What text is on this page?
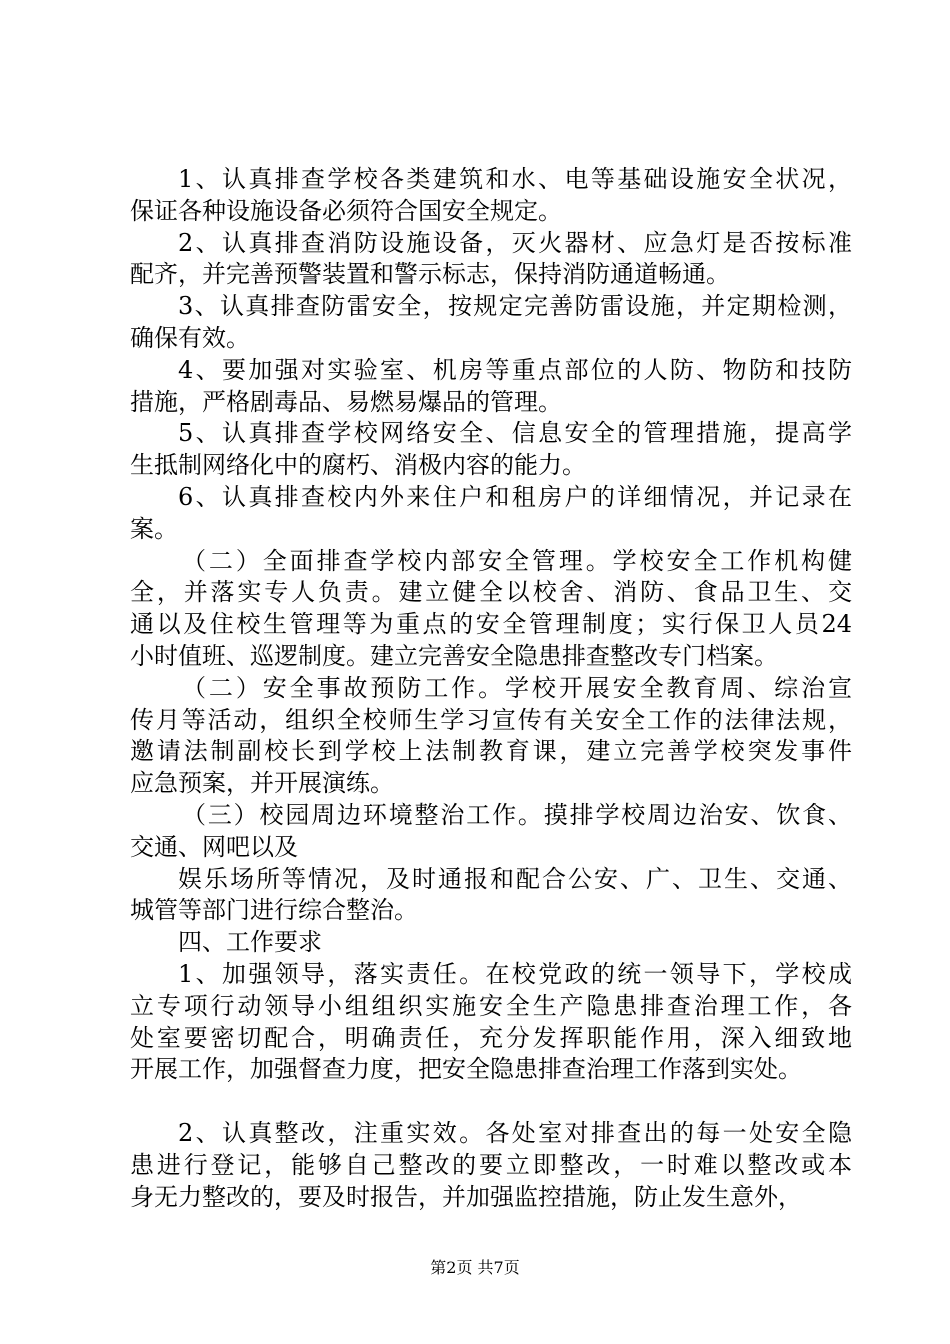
1、认真排查学校各类建筑和水、电等基础设施安全状况，
保证各种设施设备必须符合国安全规定。
2、认真排查消防设施设备，灭火器材、应急灯是否按标准
配齐，并完善预警装置和警示标志，保持消防通道畅通。
3、认真排查防雷安全，按规定完善防雷设施，并定期检测，
确保有效。
4、要加强对实验室、机房等重点部位的人防、物防和技防
措施，严格剧毒品、易燃易爆品的管理。
5、认真排查学校网络安全、信息安全的管理措施，提高学
生抵制网络化中的腐朽、消极内容的能力。
6、认真排查校内外来住户和租房户的详细情况，并记录在
案。
（二）全面排查学校内部安全管理。学校安全工作机构健
全，并落实专人负责。建立健全以校舍、消防、食品卫生、交
通以及住校生管理等为重点的安全管理制度；实行保卫人员24
小时值班、巡逻制度。建立完善安全隐患排查整改专门档案。
（二）安全事故预防工作。学校开展安全教育周、综治宣
传月等活动，组织全校师生学习宣传有关安全工作的法律法规，
邀请法制副校长到学校上法制教育课，建立完善学校突发事件
应急预案，并开展演练。
（三）校园周边环境整治工作。摸排学校周边治安、饮食、
交通、网吧以及
娱乐场所等情况，及时通报和配合公安、广、卫生、交通、
城管等部门进行综合整治。
四、工作要求
1、加强领导，落实责任。在校党政的统一领导下，学校成
立专项行动领导小组组织实施安全生产隐患排查治理工作，各
处室要密切配合，明确责任，充分发挥职能作用，深入细致地
开展工作，加强督查力度，把安全隐患排查治理工作落到实处。
2、认真整改，注重实效。各处室对排查出的每一处安全隐
患进行登记，能够自己整改的要立即整改，一时难以整改或本
身无力整改的，要及时报告，并加强监控措施，防止发生意外，
第2页 共7页
